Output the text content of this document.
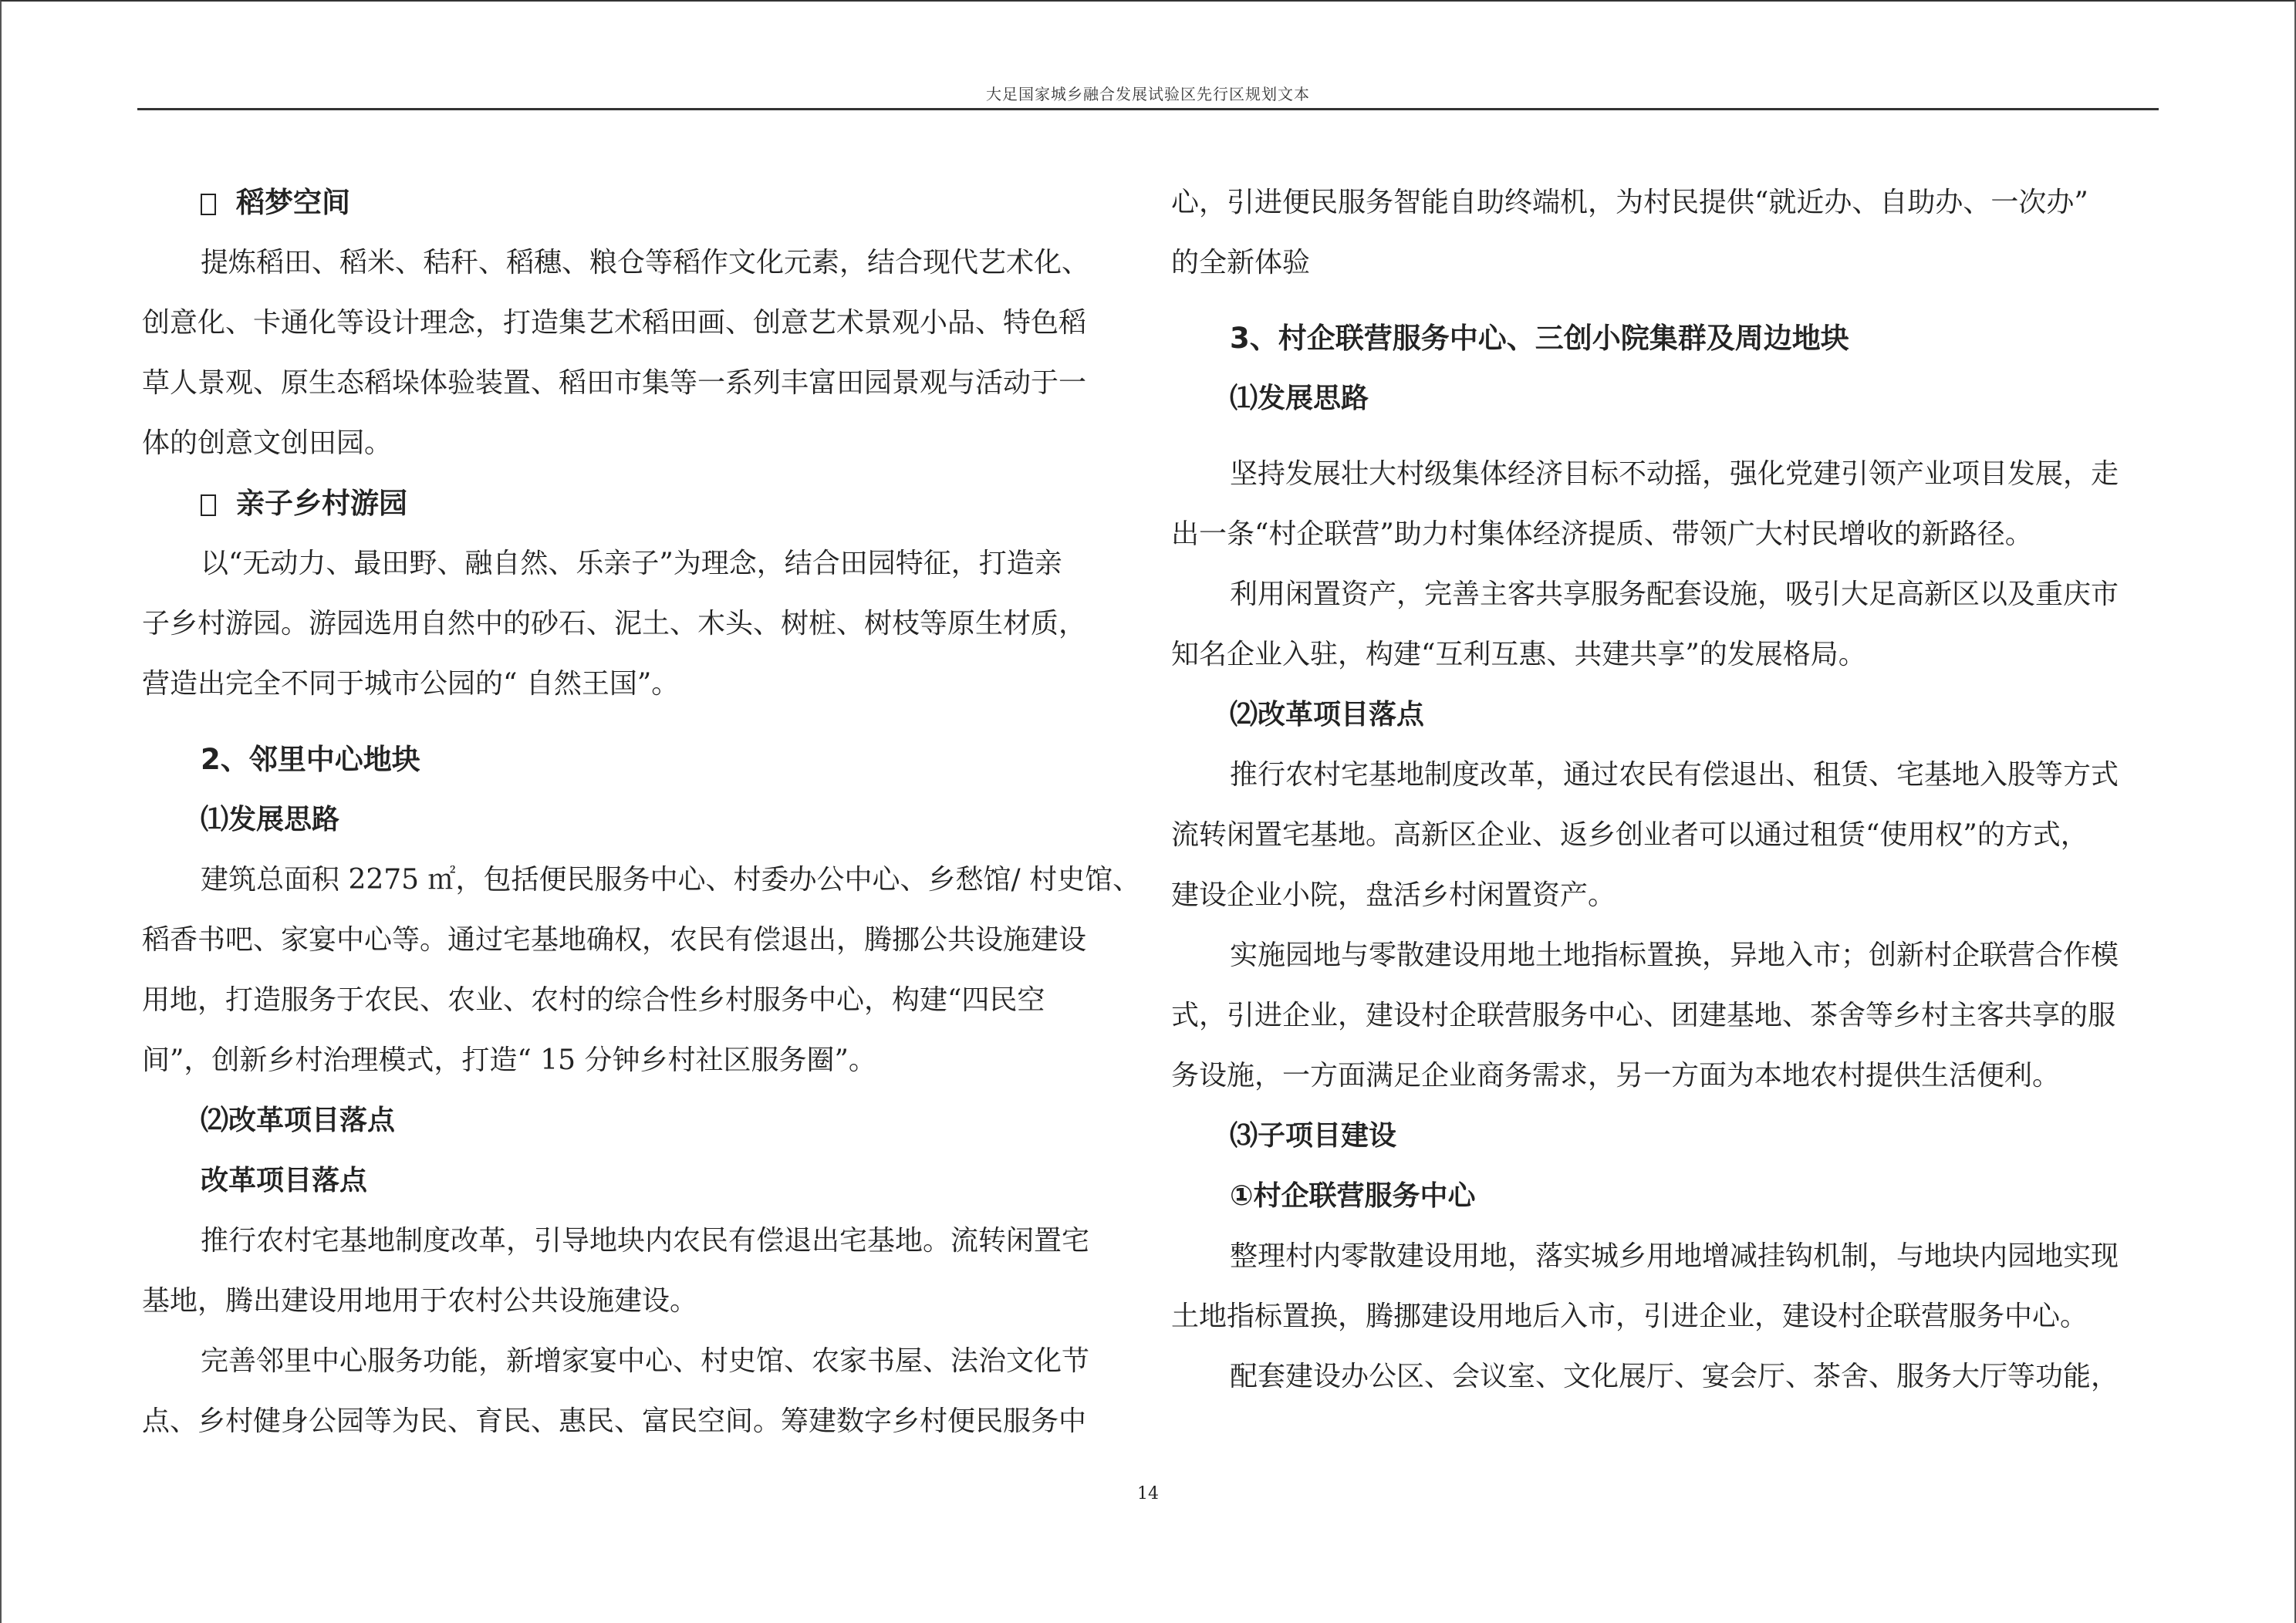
大足国家城乡融合发展试验区先行区规划文本
稻梦空间
提炼稻田、稻米、秸秆、稻穗、粮仓等稻作文化元素，结合现代艺术化、
创意化、卡通化等设计理念，打造集艺术稻田画、创意艺术景观小品、特色稻
草人景观、原生态稻垛体验装置、稻田市集等一系列丰富田园景观与活动于一
体的创意文创田园。
亲子乡村游园
以“无动力、最田野、融自然、乐亲子”为理念，结合田园特征，打造亲
子乡村游园。游园选用自然中的砂石、泥土、木头、树桩、树枝等原生材质，
营造出完全不同于城市公园的“ 自然王国”。
2、邻里中心地块
⑴发展思路
建筑总面积 2275 ㎡，包括便民服务中心、村委办公中心、乡愁馆/ 村史馆、
稻香书吧、家宴中心等。通过宅基地确权，农民有偿退出，腾挪公共设施建设
用地，打造服务于农民、农业、农村的综合性乡村服务中心，构建“四民空
间”，创新乡村治理模式，打造“ 15 分钟乡村社区服务圈”。
⑵改革项目落点
改革项目落点
推行农村宅基地制度改革，引导地块内农民有偿退出宅基地。流转闲置宅
基地，腾出建设用地用于农村公共设施建设。
完善邻里中心服务功能，新增家宴中心、村史馆、农家书屋、法治文化节
点、乡村健身公园等为民、育民、惠民、富民空间。筹建数字乡村便民服务中
心，引进便民服务智能自助终端机，为村民提供“就近办、自助办、一次办”
的全新体验
3、村企联营服务中心、三创小院集群及周边地块
⑴发展思路
坚持发展壮大村级集体经济目标不动摇，强化党建引领产业项目发展，走
出一条“村企联营”助力村集体经济提质、带领广大村民增收的新路径。
利用闲置资产，完善主客共享服务配套设施，吸引大足高新区以及重庆市
知名企业入驻，构建“互利互惠、共建共享”的发展格局。
⑵改革项目落点
推行农村宅基地制度改革，通过农民有偿退出、租赁、宅基地入股等方式
流转闲置宅基地。高新区企业、返乡创业者可以通过租赁“使用权”的方式，
建设企业小院，盘活乡村闲置资产。
实施园地与零散建设用地土地指标置换，异地入市；创新村企联营合作模
式，引进企业，建设村企联营服务中心、团建基地、茶舍等乡村主客共享的服
务设施，一方面满足企业商务需求，另一方面为本地农村提供生活便利。
⑶子项目建设
①村企联营服务中心
整理村内零散建设用地，落实城乡用地增减挂钩机制，与地块内园地实现
土地指标置换，腾挪建设用地后入市，引进企业，建设村企联营服务中心。
配套建设办公区、会议室、文化展厅、宴会厅、茶舍、服务大厅等功能，
14
